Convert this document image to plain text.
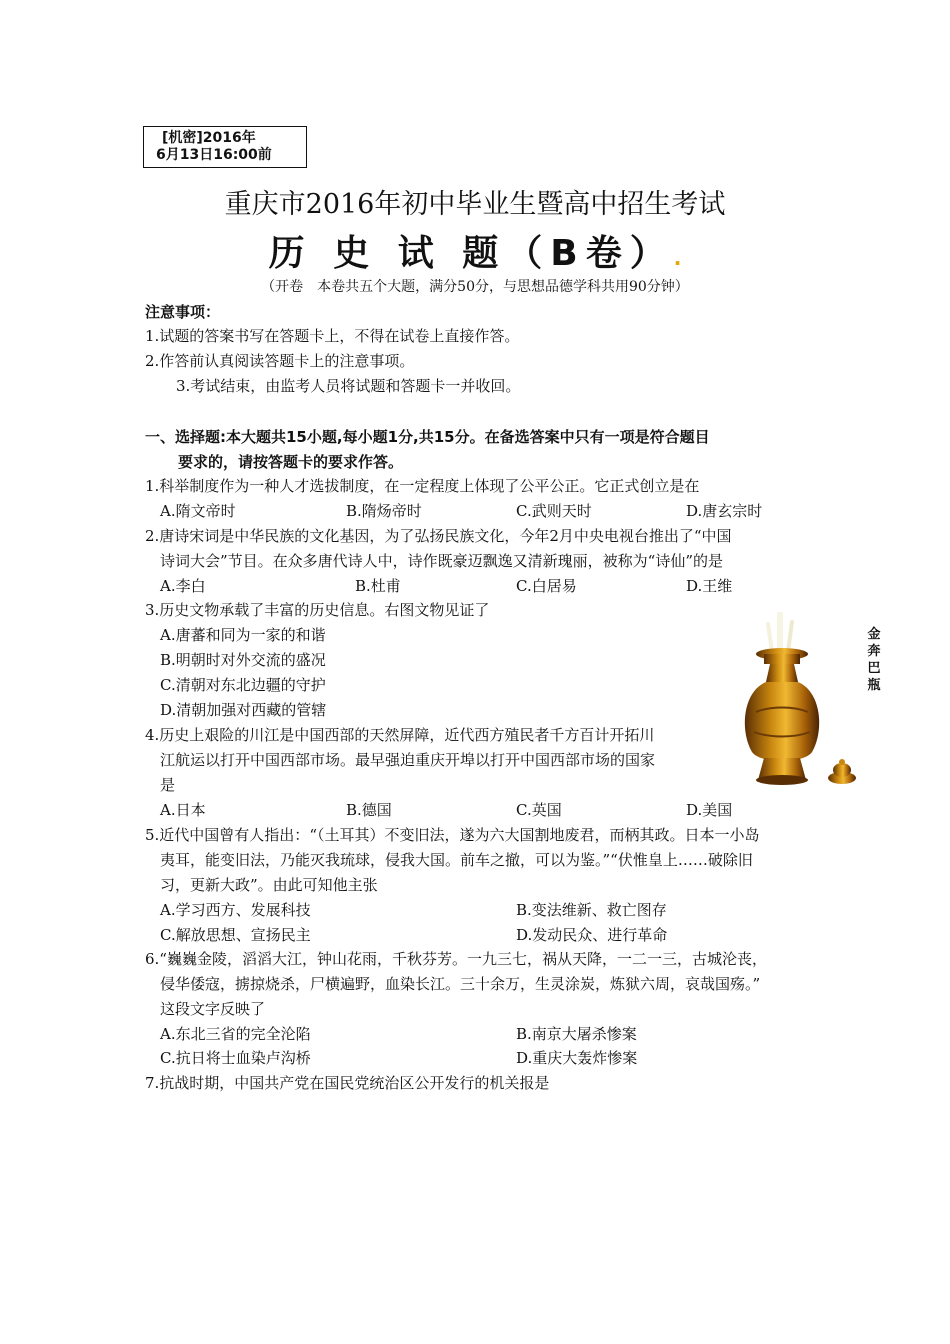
[机密]2016年
6月13日16:00前
重庆市2016年初中毕业生暨高中招生考试
历 史 试 题（B卷）.
（开卷　本卷共五个大题，满分50分，与思想品德学科共用90分钟）
注意事项：
1.试题的答案书写在答题卡上，不得在试卷上直接作答。
2.作答前认真阅读答题卡上的注意事项。
3.考试结束，由监考人员将试题和答题卡一并收回。
一、选择题:本大题共15小题,每小题1分,共15分。在备选答案中只有一项是符合题目
要求的，请按答题卡的要求作答。
1.科举制度作为一种人才选拔制度，在一定程度上体现了公平公正。它正式创立是在
A.隋文帝时	B.隋炀帝时	C.武则天时	D.唐玄宗时
2.唐诗宋词是中华民族的文化基因，为了弘扬民族文化，今年2月中央电视台推出了“中国
诗词大会”节目。在众多唐代诗人中，诗作既豪迈飘逸又清新瑰丽，被称为“诗仙”的是
A.李白	B.杜甫	C.白居易	D.王维
3.历史文物承载了丰富的历史信息。右图文物见证了
A.唐蕃和同为一家的和谐
B.明朝时对外交流的盛况
C.清朝对东北边疆的守护
D.清朝加强对西藏的管辖
金
奔
巴
瓶
4.历史上艰险的川江是中国西部的天然屏障，近代西方殖民者千方百计开拓川
江航运以打开中国西部市场。最早强迫重庆开埠以打开中国西部市场的国家
是
A.日本	B.德国	C.英国	D.美国
5.近代中国曾有人指出：“（土耳其）不变旧法，遂为六大国割地废君，而柄其政。日本一小岛
夷耳，能变旧法，乃能灭我琉球，侵我大国。前车之撤，可以为鉴。”“伏惟皇上……破除旧
习，更新大政”。由此可知他主张
A.学习西方、发展科技	B.变法维新、救亡图存
C.解放思想、宣扬民主	D.发动民众、进行革命
6.“巍巍金陵，滔滔大江，钟山花雨，千秋芬芳。一九三七，祸从天降，一二一三，古城沦丧，
侵华倭寇，掳掠烧杀，尸横遍野，血染长江。三十余万，生灵涂炭，炼狱六周，哀哉国殇。”
这段文字反映了
A.东北三省的完全沦陷	B.南京大屠杀惨案
C.抗日将士血染卢沟桥	D.重庆大轰炸惨案
7.抗战时期，中国共产党在国民党统治区公开发行的机关报是
